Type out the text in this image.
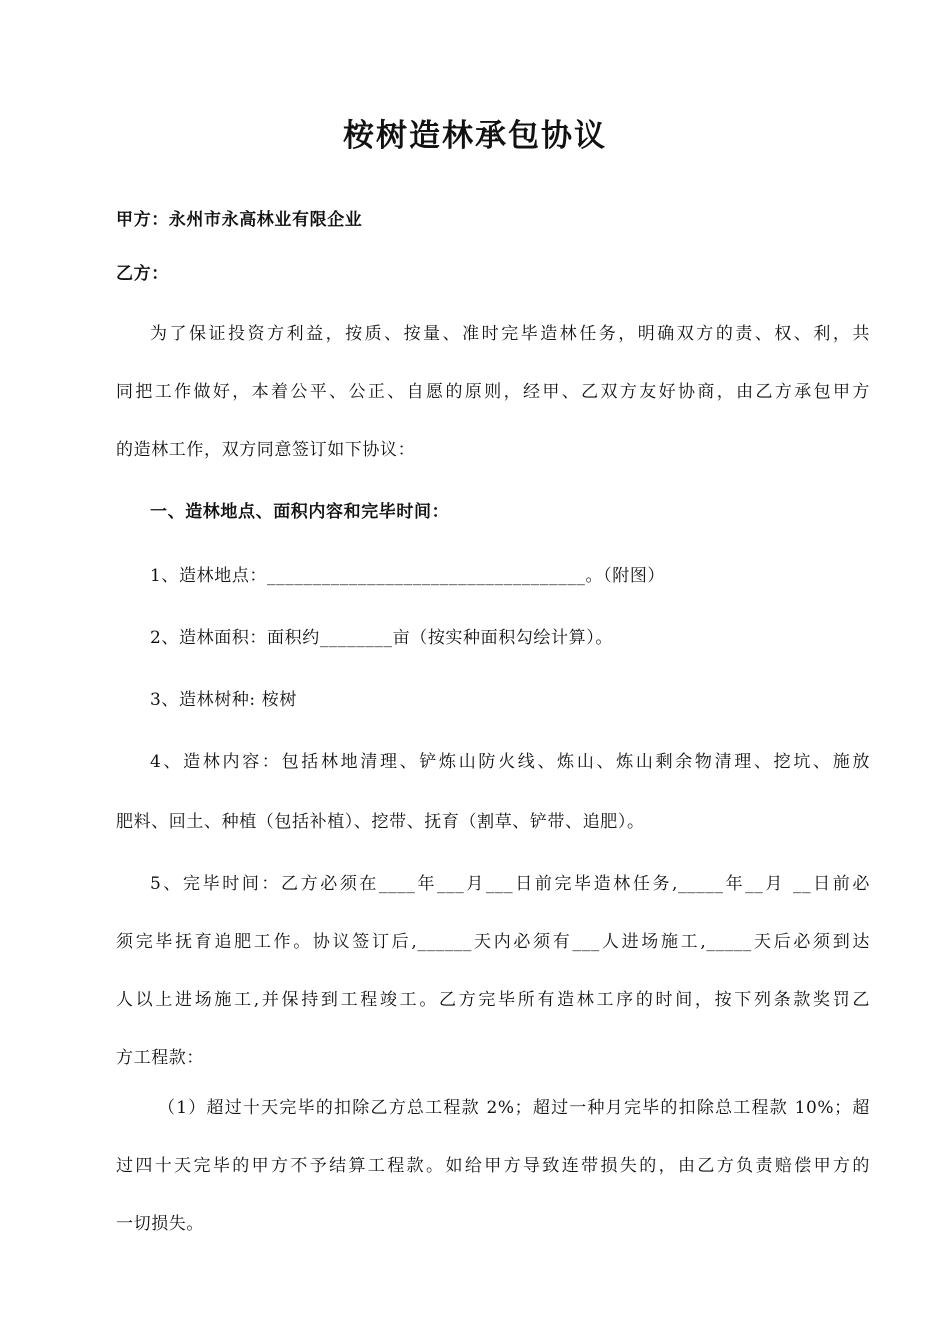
桉树造林承包协议
甲方：永州市永高林业有限企业
乙方：
为了保证投资方利益，按质、按量、准时完毕造林任务，明确双方的责、权、利，共
同把工作做好，本着公平、公正、自愿的原则，经甲、乙双方友好协商，由乙方承包甲方
的造林工作，双方同意签订如下协议：
一、造林地点、面积内容和完毕时间：
1、造林地点：___________________________________。（附图）
2、造林面积：面积约________亩（按实种面积勾绘计算）。
3、造林树种: 桉树
4、造林内容：包括林地清理、铲炼山防火线、炼山、炼山剩余物清理、挖坑、施放
肥料、回土、种植（包括补植）、挖带、抚育（割草、铲带、追肥）。
5、完毕时间：乙方必须在____年___月___日前完毕造林任务,_____年__月 __日前必
须完毕抚育追肥工作。协议签订后,______天内必须有___人进场施工,_____天后必须到达
人以上进场施工,并保持到工程竣工。乙方完毕所有造林工序的时间，按下列条款奖罚乙
方工程款：
（1）超过十天完毕的扣除乙方总工程款 2%；超过一种月完毕的扣除总工程款 10%；超
过四十天完毕的甲方不予结算工程款。如给甲方导致连带损失的，由乙方负责赔偿甲方的
一切损失。
